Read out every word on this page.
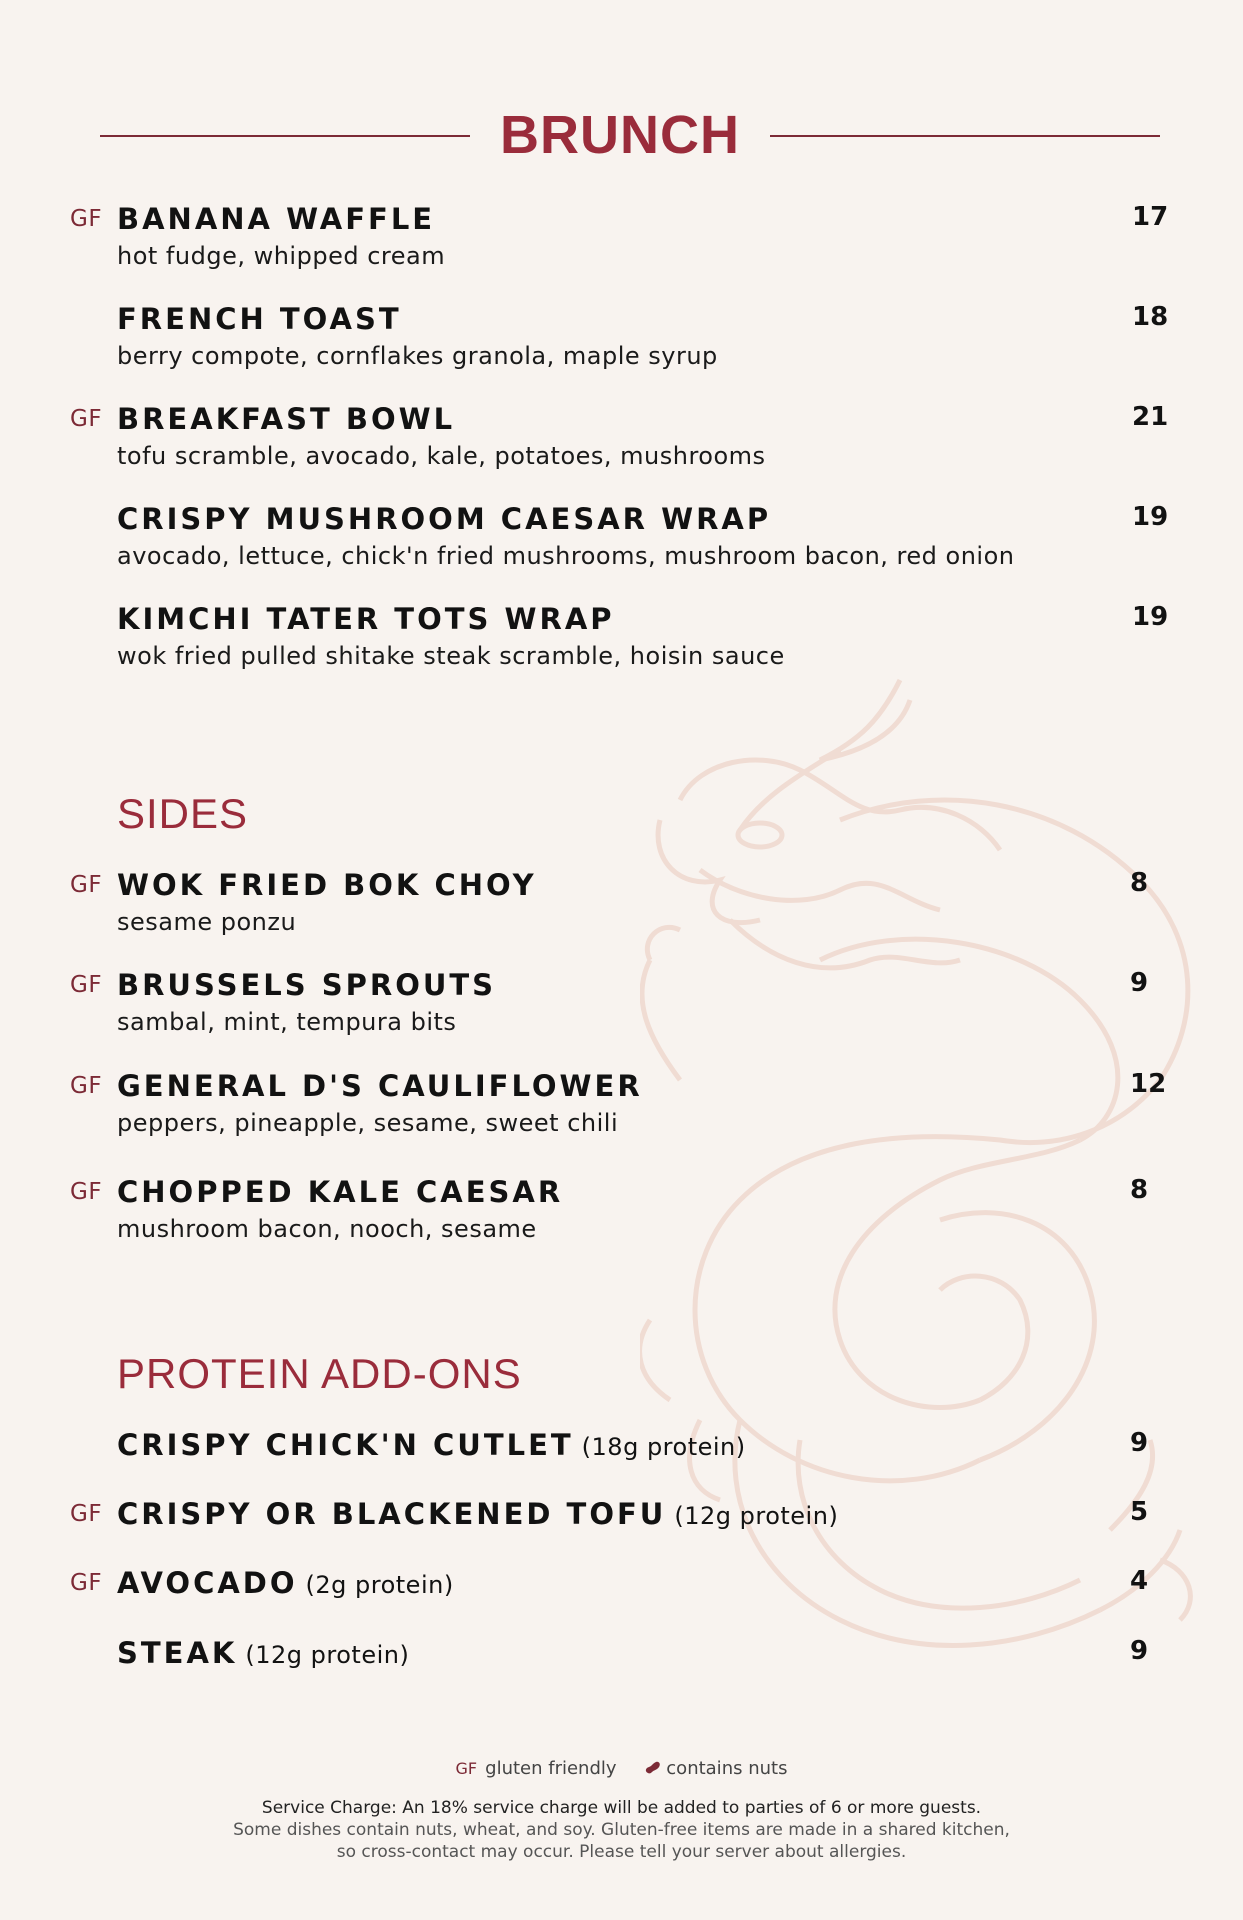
BRUNCH
GF BANANA WAFFLE
hot fudge, whipped cream
17
FRENCH TOAST
berry compote, cornflakes granola, maple syrup
18
GF BREAKFAST BOWL
tofu scramble, avocado, kale, potatoes, mushrooms
21
CRISPY MUSHROOM CAESAR WRAP
avocado, lettuce, chick'n fried mushrooms, mushroom bacon, red onion
19
KIMCHI TATER TOTS WRAP
wok fried pulled shitake steak scramble, hoisin sauce
19
SIDES
GF WOK FRIED BOK CHOY
sesame ponzu
8
GF BRUSSELS SPROUTS
sambal, mint, tempura bits
9
GF GENERAL D'S CAULIFLOWER
peppers, pineapple, sesame, sweet chili
12
GF CHOPPED KALE CAESAR
mushroom bacon, nooch, sesame
8
PROTEIN ADD-ONS
CRISPY CHICK'N CUTLET (18g protein)	9
GF CRISPY OR BLACKENED TOFU (12g protein)	5
GF AVOCADO (2g protein)	4
STEAK (12g protein)	9
GF gluten friendly	contains nuts
Service Charge: An 18% service charge will be added to parties of 6 or more guests.
Some dishes contain nuts, wheat, and soy. Gluten-free items are made in a shared kitchen,
so cross-contact may occur. Please tell your server about allergies.
